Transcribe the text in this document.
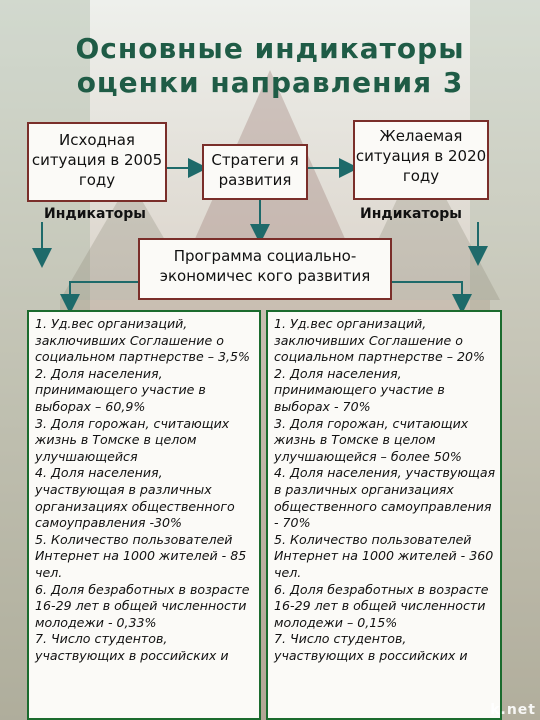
Основные индикаторы оценки направления 3
Исходная ситуация в 2005 году
Стратеги я развития
Желаемая ситуация в 2020 году
Индикаторы	Индикаторы
Программа социально-экономичес кого развития

1. Уд.вес организаций, заключивших Соглашение о социальном партнерстве – 3,5%

2. Доля населения, принимающего участие в выборах – 60,9%

3. Доля горожан, считающих жизнь в Томске в целом улучшающейся

4. Доля населения, участвующая в различных организациях общественного самоуправления -30%

5. Количество пользователей Интернет на 1000 жителей - 85 чел.

6. Доля безработных в возрасте 16-29 лет в общей численности молодежи - 0,33%

7. Число студентов, участвующих в российских и

1. Уд.вес организаций, заключивших Соглашение о социальном партнерстве – 20%

2. Доля населения, принимающего участие в выборах - 70%

3. Доля горожан, считающих жизнь в Томске в целом улучшающейся – более 50%

4. Доля населения, участвующая в различных организациях общественного самоуправления - 70%

5. Количество пользователей Интернет на 1000 жителей - 360 чел.

6. Доля безработных в возрасте 16-29 лет в общей численности молодежи – 0,15%

7. Число студентов, участвующих в российских и

k.net
